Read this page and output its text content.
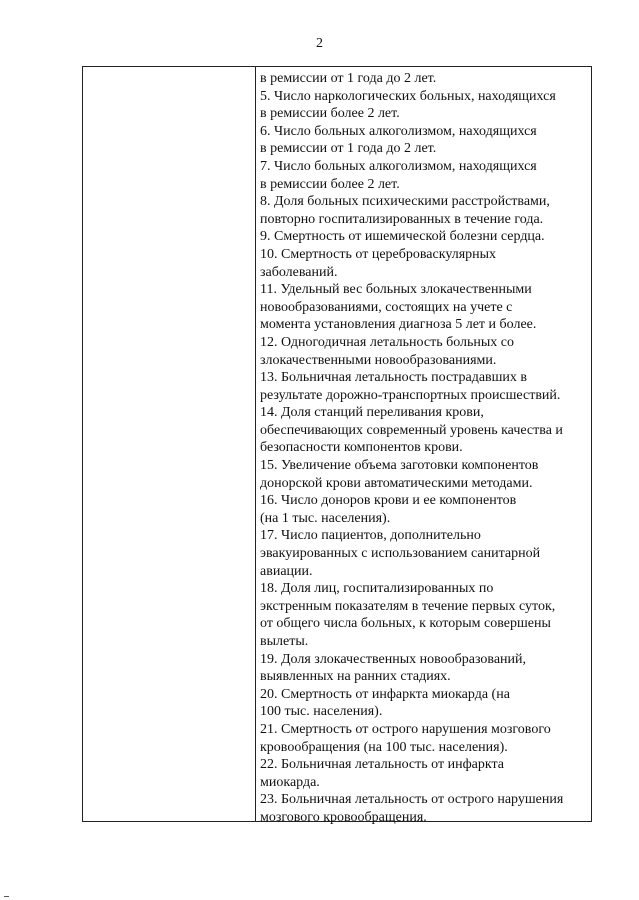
2
в ремиссии от 1 года до 2 лет.
5. Число наркологических больных, находящихся
в ремиссии более 2 лет.
6. Число больных алкоголизмом, находящихся
в ремиссии от 1 года до 2 лет.
7. Число больных алкоголизмом, находящихся
в ремиссии более 2 лет.
8. Доля больных психическими расстройствами,
повторно госпитализированных в течение года.
9. Смертность от ишемической болезни сердца.
10. Смертность от цереброваскулярных
заболеваний.
11. Удельный вес больных злокачественными
новообразованиями, состоящих на учете с
момента установления диагноза 5 лет и более.
12. Одногодичная летальность больных со
злокачественными новообразованиями.
13. Больничная летальность пострадавших в
результате дорожно-транспортных происшествий.
14. Доля станций переливания крови,
обеспечивающих современный уровень качества и
безопасности компонентов крови.
15. Увеличение объема заготовки компонентов
донорской крови автоматическими методами.
16. Число доноров крови и ее компонентов
(на 1 тыс. населения).
17. Число пациентов, дополнительно
эвакуированных с использованием санитарной
авиации.
18. Доля лиц, госпитализированных по
экстренным показателям в течение первых суток,
от общего числа больных, к которым совершены
вылеты.
19. Доля злокачественных новообразований,
выявленных на ранних стадиях.
20. Смертность от инфаркта миокарда (на
100 тыс. населения).
21. Смертность от острого нарушения мозгового
кровообращения (на 100 тыс. населения).
22. Больничная летальность от инфаркта
миокарда.
23. Больничная летальность от острого нарушения
мозгового кровообращения.
